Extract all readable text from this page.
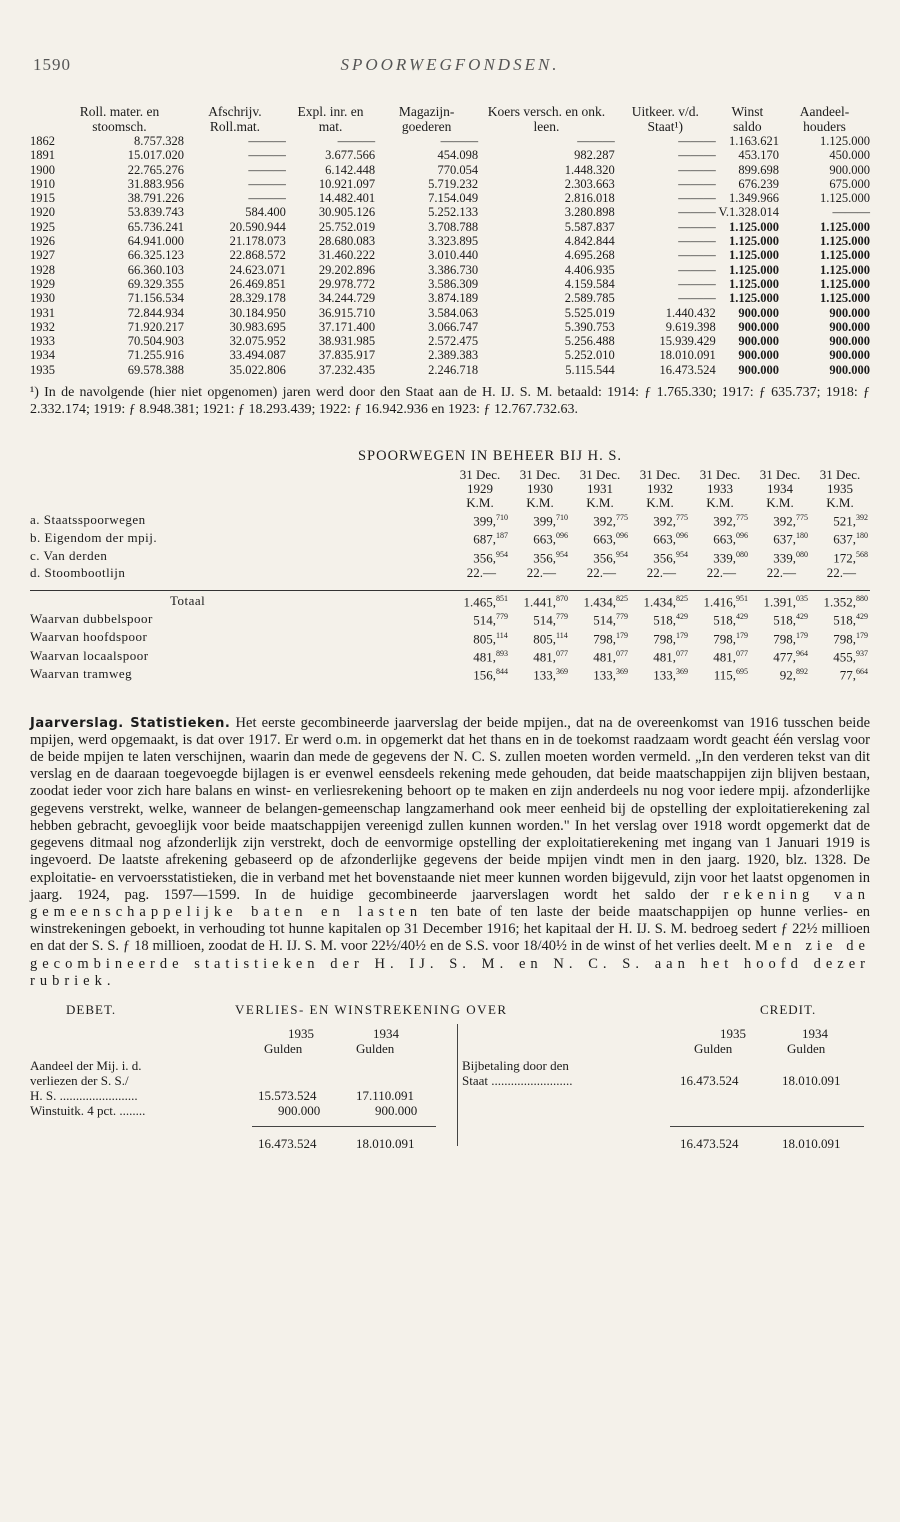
1590	SPOORWEGFONDSEN.
	Roll. mater. en stoomsch.	Afschrijv. Roll.mat.	Expl. inr. en mat.	Magazijn- goederen	Koers versch. en onk. leen.	Uitkeer. v/d. Staat¹)	Winst saldo	Aandeel- houders
1862	8.757.328	———	———	———	———	———	1.163.621	1.125.000
1891	15.017.020	———	3.677.566	454.098	982.287	———	453.170	450.000
1900	22.765.276	———	6.142.448	770.054	1.448.320	———	899.698	900.000
1910	31.883.956	———	10.921.097	5.719.232	2.303.663	———	676.239	675.000
1915	38.791.226	———	14.482.401	7.154.049	2.816.018	———	1.349.966	1.125.000
1920	53.839.743	584.400	30.905.126	5.252.133	3.280.898	———	V.1.328.014	———
1925	65.736.241	20.590.944	25.752.019	3.708.788	5.587.837	———	1.125.000	1.125.000
1926	64.941.000	21.178.073	28.680.083	3.323.895	4.842.844	———	1.125.000	1.125.000
1927	66.325.123	22.868.572	31.460.222	3.010.440	4.695.268	———	1.125.000	1.125.000
1928	66.360.103	24.623.071	29.202.896	3.386.730	4.406.935	———	1.125.000	1.125.000
1929	69.329.355	26.469.851	29.978.772	3.586.309	4.159.584	———	1.125.000	1.125.000
1930	71.156.534	28.329.178	34.244.729	3.874.189	2.589.785	———	1.125.000	1.125.000
1931	72.844.934	30.184.950	36.915.710	3.584.063	5.525.019	1.440.432	900.000	900.000
1932	71.920.217	30.983.695	37.171.400	3.066.747	5.390.753	9.619.398	900.000	900.000
1933	70.504.903	32.075.952	38.931.985	2.572.475	5.256.488	15.939.429	900.000	900.000
1934	71.255.916	33.494.087	37.835.917	2.389.383	5.252.010	18.010.091	900.000	900.000
1935	69.578.388	35.022.806	37.232.435	2.246.718	5.115.544	16.473.524	900.000	900.000
¹) In de navolgende (hier niet opgenomen) jaren werd door den Staat aan de H. IJ. S. M. betaald: 1914: ƒ 1.765.330; 1917: ƒ 635.737; 1918: ƒ 2.332.174; 1919: ƒ 8.948.381; 1921: ƒ 18.293.439; 1922: ƒ 16.942.936 en 1923: ƒ 12.767.732.63.
SPOORWEGEN IN BEHEER BIJ H. S.
	31 Dec.	31 Dec.	31 Dec.	31 Dec.	31 Dec.	31 Dec.	31 Dec.
	1929	1930	1931	1932	1933	1934	1935
	K.M.	K.M.	K.M.	K.M.	K.M.	K.M.	K.M.
a. Staatsspoorwegen	399,$^{710}$	399,$^{710}$	392,$^{775}$	392,$^{775}$	392,$^{775}$	392,$^{775}$	521,$^{392}$
b. Eigendom der mpij.	687,$^{187}$	663,$^{096}$	663,$^{096}$	663,$^{096}$	663,$^{096}$	637,$^{180}$	637,$^{180}$
c. Van derden	356,$^{954}$	356,$^{954}$	356,$^{954}$	356,$^{954}$	339,$^{080}$	339,$^{080}$	172,$^{568}$
d. Stoombootlijn	22.—	22.—	22.—	22.—	22.—	22.—	22.—

Totaal	1.465,$^{851}$	1.441,$^{870}$	1.434,$^{825}$	1.434,$^{825}$	1.416,$^{951}$	1.391,$^{035}$	1.352,$^{880}$
Waarvan dubbelspoor	514,$^{779}$	514,$^{779}$	514,$^{779}$	518,$^{429}$	518,$^{429}$	518,$^{429}$	518,$^{429}$
Waarvan hoofdspoor	805,$^{114}$	805,$^{114}$	798,$^{179}$	798,$^{179}$	798,$^{179}$	798,$^{179}$	798,$^{179}$
Waarvan locaalspoor	481,$^{893}$	481,$^{077}$	481,$^{077}$	481,$^{077}$	481,$^{077}$	477,$^{964}$	455,$^{937}$
Waarvan tramweg	156,$^{844}$	133,$^{369}$	133,$^{369}$	133,$^{369}$	115,$^{695}$	92,$^{892}$	77,$^{664}$
Jaarverslag. Statistieken. Het eerste gecombineerde jaarverslag der beide mpijen., dat na de overeenkomst van 1916 tusschen beide mpijen, werd opgemaakt, is dat over 1917. Er werd o.m. in opgemerkt dat het thans en in de toekomst raadzaam wordt geacht één verslag voor de beide mpijen te laten verschijnen, waarin dan mede de gegevens der N. C. S. zullen moeten worden vermeld. „In den verderen tekst van dit verslag en de daaraan toegevoegde bijlagen is er evenwel eensdeels rekening mede gehouden, dat beide maatschappijen zijn blijven bestaan, zoodat ieder voor zich hare balans en winst- en verliesrekening behoort op te maken en zijn anderdeels nu nog voor iedere mpij. afzonderlijke gegevens verstrekt, welke, wanneer de belangen-gemeenschap langzamerhand ook meer eenheid bij de opstelling der exploitatierekening zal hebben gebracht, gevoeglijk voor beide maatschappijen vereenigd zullen kunnen worden." In het verslag over 1918 wordt opgemerkt dat de gegevens ditmaal nog afzonderlijk zijn verstrekt, doch de eenvormige opstelling der exploitatierekening met ingang van 1 Januari 1919 is ingevoerd. De laatste afrekening gebaseerd op de afzonderlijke gegevens der beide mpijen vindt men in den jaarg. 1920, blz. 1328. De exploitatie- en vervoersstatistieken, die in verband met het bovenstaande niet meer kunnen worden bijgevuld, zijn voor het laatst opgenomen in jaarg. 1924, pag. 1597—1599. In de huidige gecombineerde jaarverslagen wordt het saldo der rekening van gemeenschappelijke baten en lasten ten bate of ten laste der beide maatschappijen op hunne verlies- en winstrekeningen geboekt, in verhouding tot hunne kapitalen op 31 December 1916; het kapitaal der H. IJ. S. M. bedroeg sedert ƒ 22½ millioen en dat der S. S. ƒ 18 millioen, zoodat de H. IJ. S. M. voor 22½/40½ en de S.S. voor 18/40½ in de winst of het verlies deelt. Men zie de gecombineerde statistieken der H. IJ. S. M. en N. C. S. aan het hoofd dezer rubriek.
DEBET.	VERLIES- EN WINSTREKENING OVER	CREDIT.
1935	1934
Gulden	Gulden
1935	1934
Gulden	Gulden
Aandeel der Mij. i. d.
verliezen der S. S./
H. S. ........................	15.573.524	17.110.091
Winstuitk. 4 pct. ........	900.000	900.000
16.473.524	18.010.091
Bijbetaling door den
Staat .........................	16.473.524	18.010.091
16.473.524	18.010.091
